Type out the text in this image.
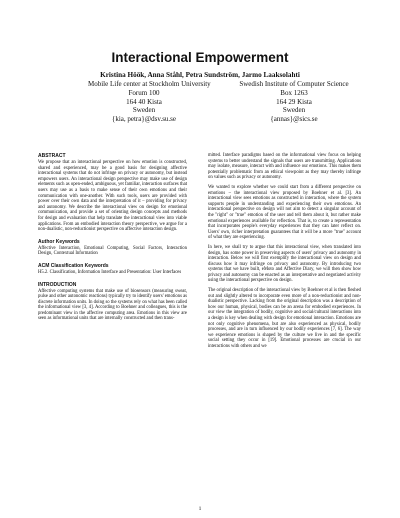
Interactional Empowerment
Kristina Höök, Anna Ståhl, Petra Sundström, Jarmo Laaksolahti
Mobile Life center at Stockholm University
Forum 100
164 40 Kista
Sweden
{kia, petra}@dsv.su.se
Swedish Institute of Computer Science
Box 1263
164 29 Kista
Sweden
{annas}@sics.se
ABSTRACT

We propose that an interactional perspective on how emotion is constructed, shared and experienced, may be a good basis for designing affective interactional systems that do not infringe on privacy or autonomy, but instead empowers users. An interactional design perspective may make use of design elements such as open-ended, ambiguous, yet familiar, interaction surfaces that users may use as a basis to make sense of their own emotions and their communication with one-another. With such tools, users are provided with power over their own data and the interpretation of it – providing for privacy and autonomy. We describe the interactional view on design for emotional communication, and provide a set of orienting design concepts and methods for design and evaluation that help translate the interactional view into viable applications. From an embodied interaction theory perspective, we argue for a non-dualistic, non-reductionist perspective on affective interaction design.

Author Keywords

Affective Interaction, Emotional Computing, Social Factors, Interaction Design, Contextual Information

ACM Classification Keywords

H5.2. Classification, Information Interface and Presentation: User Interfaces

INTRODUCTION

Affective computing systems that make use of biosensors (measuring sweat, pulse and other autonomic reactions) typically try to identify users' emotions as discrete information units. In doing so the systems rely on what has been called the informational view [3, 4]. According to Boehner and colleagues, this is the predominant view in the affective computing area. Emotions in this view are seen as informational units that are internally constructed and then trans-

mitted. Interface paradigms based on the informational view focus on helping systems to better understand the signals that users are transmitting. Applications may isolate, measure, interact with and influence our emotions. This makes them potentially problematic from an ethical viewpoint as they may thereby infringe on values such as privacy or autonomy.

We wanted to explore whether we could start from a different perspective on emotions – the interactional view proposed by Boehner et al. [3]. An interactional view sees emotions as constructed in interaction, where the system supports people in understanding and experiencing their own emotions. An interactional perspective on design will not aim to detect a singular account of the "right" or "true" emotion of the user and tell them about it, but rather make emotional experiences available for reflection. That is, to create a representation that incorporates people's everyday experiences that they can later reflect on. Users' own, richer interpretation guarantees that it will be a more "true" account of what they are experiencing.

In here, we shall try to argue that this interactional view, when translated into design, has some power in preserving aspects of users' privacy and autonomy in interaction. Below we will first exemplify the interactional view on design and discuss how it may infringe on privacy and autonomy. By introducing two systems that we have built, eMoto and Affective Diary, we will then show how privacy and autonomy can be enacted as an interpretative and negotiated activity using the interactional perspective on design.

The original description of the interactional view by Boehner et al is then fleshed out and slightly altered to incorporate even more of a non-reductionist and non-dualistic perspective. Lacking from the original description was a description of how our human, physical, bodies can be an arena for embodied experiences. In our view the integration of bodily, cognitive and social/cultural interactions into a design is key when dealing with design for emotional interaction. Emotions are not only cognitive phenomena, but are also experienced as physical, bodily processes, and are in turn influenced by our bodily experiences [7, 6]. The way we experience emotions is shaped by the culture we live in and the specific social setting they occur in [19]. Emotional processes are crucial in our interactions with others and we

1
